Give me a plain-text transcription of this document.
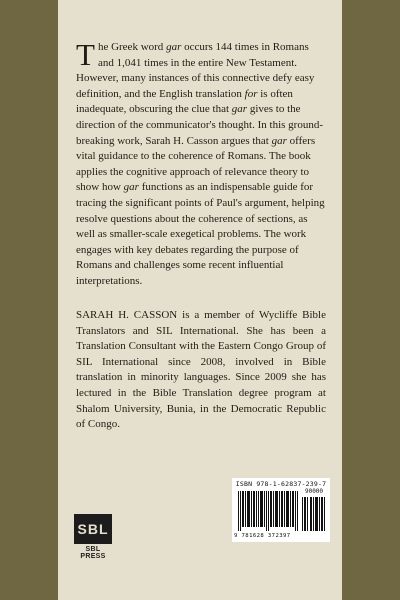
The Greek word gar occurs 144 times in Romans and 1,041 times in the entire New Testament. However, many instances of this connective defy easy definition, and the English translation for is often inadequate, obscuring the clue that gar gives to the direction of the communicator's thought. In this ground-breaking work, Sarah H. Casson argues that gar offers vital guidance to the coherence of Romans. The book applies the cognitive approach of relevance theory to show how gar functions as an indispensable guide for tracing the significant points of Paul's argument, helping resolve questions about the coherence of sections, as well as smaller-scale exegetical problems. The work engages with key debates regarding the purpose of Romans and challenges some recent influential interpretations.

SARAH H. CASSON is a member of Wycliffe Bible Translators and SIL International. She has been a Translation Consultant with the Eastern Congo Group of SIL International since 2008, involved in Bible translation in minority languages. Since 2009 she has lectured in the Bible Translation degree program at Shalom University, Bunia, in the Democratic Republic of Congo.

ISBN 978-1-62837-239-7
90000
9 781628 372397
SBL
SBL PRESS
